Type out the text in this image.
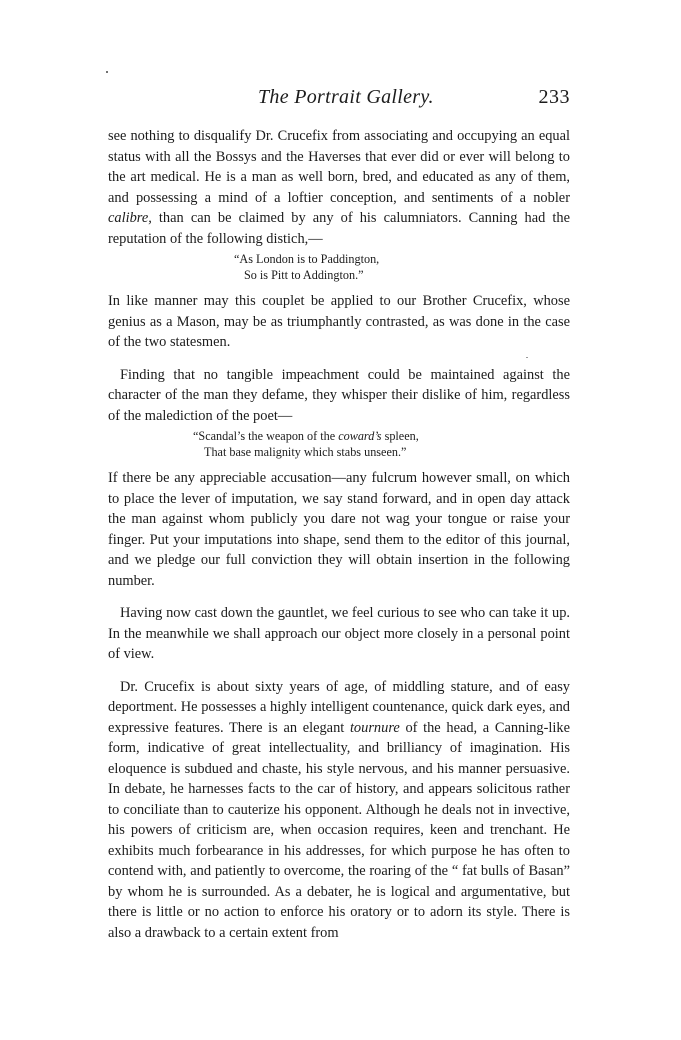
The Portrait Gallery.	233

see nothing to disqualify Dr. Crucefix from associating and occupying an equal status with all the Bossys and the Haverses that ever did or ever will belong to the art medical. He is a man as well born, bred, and educated as any of them, and possessing a mind of a loftier conception, and sentiments of a nobler calibre, than can be claimed by any of his calumniators. Canning had the reputation of the following distich,—

“As London is to Paddington,
So is Pitt to Addington.”

In like manner may this couplet be applied to our Brother Crucefix, whose genius as a Mason, may be as triumphantly contrasted, as was done in the case of the two statesmen.

Finding that no tangible impeachment could be maintained against the character of the man they defame, they whisper their dislike of him, regardless of the malediction of the poet—

“Scandal’s the weapon of the coward’s spleen,
That base malignity which stabs unseen.”

If there be any appreciable accusation—any fulcrum however small, on which to place the lever of imputation, we say stand forward, and in open day attack the man against whom publicly you dare not wag your tongue or raise your finger. Put your imputations into shape, send them to the editor of this journal, and we pledge our full conviction they will obtain insertion in the following number.

Having now cast down the gauntlet, we feel curious to see who can take it up. In the meanwhile we shall approach our object more closely in a personal point of view.

Dr. Crucefix is about sixty years of age, of middling stature, and of easy deportment. He possesses a highly intelligent countenance, quick dark eyes, and expressive features. There is an elegant tournure of the head, a Canning-like form, indicative of great intellectuality, and brilliancy of imagination. His eloquence is subdued and chaste, his style nervous, and his manner persuasive. In debate, he harnesses facts to the car of history, and appears solicitous rather to conciliate than to cauterize his opponent. Although he deals not in invective, his powers of criticism are, when occasion requires, keen and trenchant. He exhibits much forbearance in his addresses, for which purpose he has often to contend with, and patiently to overcome, the roaring of the “ fat bulls of Basan” by whom he is surrounded. As a debater, he is logical and argumentative, but there is little or no action to enforce his oratory or to adorn its style. There is also a drawback to a certain extent from
